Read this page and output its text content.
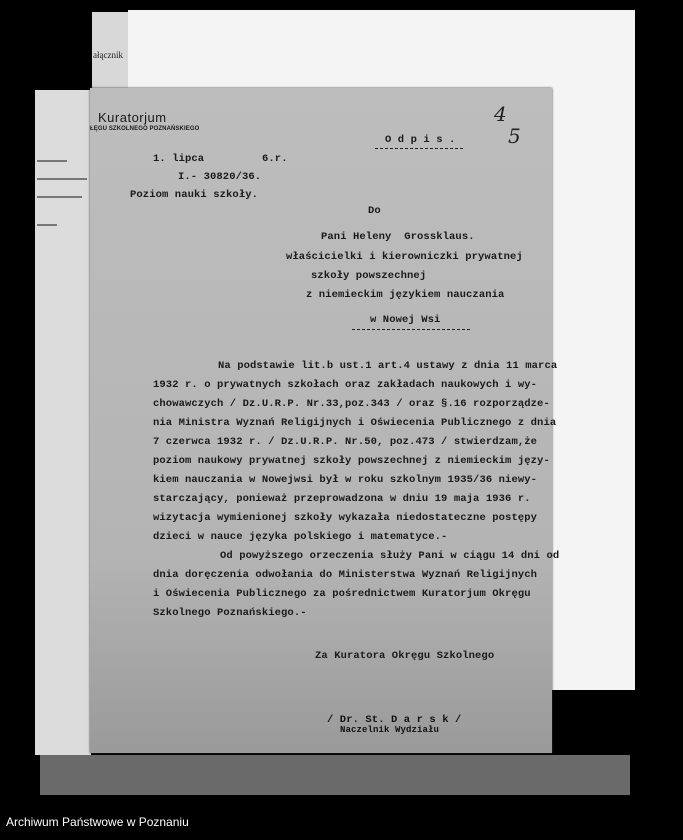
ałącznik
Kuratorjum
ŁĘGU SZKOLNEGO POZNAŃSKIEGO
O d p i s .
4
5
1. lipca	6.r.
I.- 30820/36.
Poziom nauki szkoły.
Do
Pani Heleny  Grossklaus.
właścicielki i kierowniczki prywatnej
szkoły powszechnej
z niemieckim językiem nauczania
w Nowej Wsi
Na podstawie lit.b ust.1 art.4 ustawy z dnia 11 marca
1932 r. o prywatnych szkołach oraz zakładach naukowych i wy-
chowawczych / Dz.U.R.P. Nr.33,poz.343 / oraz §.16 rozporządze-
nia Ministra Wyznań Religijnych i Oświecenia Publicznego z dnia
7 czerwca 1932 r. / Dz.U.R.P. Nr.50, poz.473 / stwierdzam,że
poziom naukowy prywatnej szkoły powszechnej z niemieckim języ-
kiem nauczania w Nowejwsi był w roku szkolnym 1935/36 niewy-
starczający, ponieważ przeprowadzona w dniu 19 maja 1936 r.
wizytacja wymienionej szkoły wykazała niedostateczne postępy
dzieci w nauce języka polskiego i matematyce.-
Od powyższego orzeczenia służy Pani w ciągu 14 dni od
dnia doręczenia odwołania do Ministerstwa Wyznań Religijnych
i Oświecenia Publicznego za pośrednictwem Kuratorjum Okręgu
Szkolnego Poznańskiego.-
Za Kuratora Okręgu Szkolnego
/ Dr. St. D a r s k /
Naczelnik Wydziału
Archiwum Państwowe w Poznaniu
